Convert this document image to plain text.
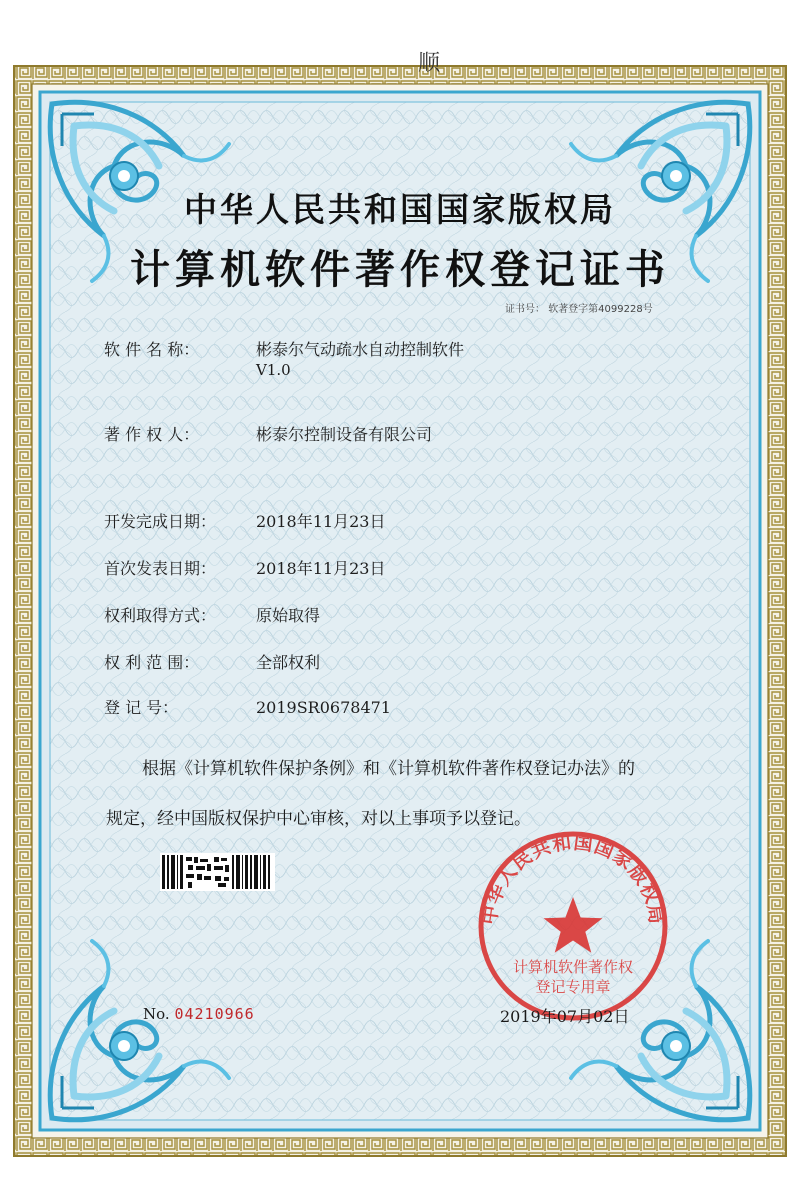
中华人民共和国国家版权局
计算机软件著作权
登记专用章
顺
中华人民共和国国家版权局
计算机软件著作权登记证书
证书号： 软著登字第4099228号
软 件 名 称：	彬泰尔气动疏水自动控制软件
V1.0
著 作 权 人：	彬泰尔控制设备有限公司
开发完成日期： 2018年11月23日
首次发表日期： 2018年11月23日
权利取得方式： 原始取得
权 利 范 围：	全部权利
登 记 号：	2019SR0678471
根据《计算机软件保护条例》和《计算机软件著作权登记办法》的
规定，经中国版权保护中心审核，对以上事项予以登记。
No. 04210966	2019年07月02日
